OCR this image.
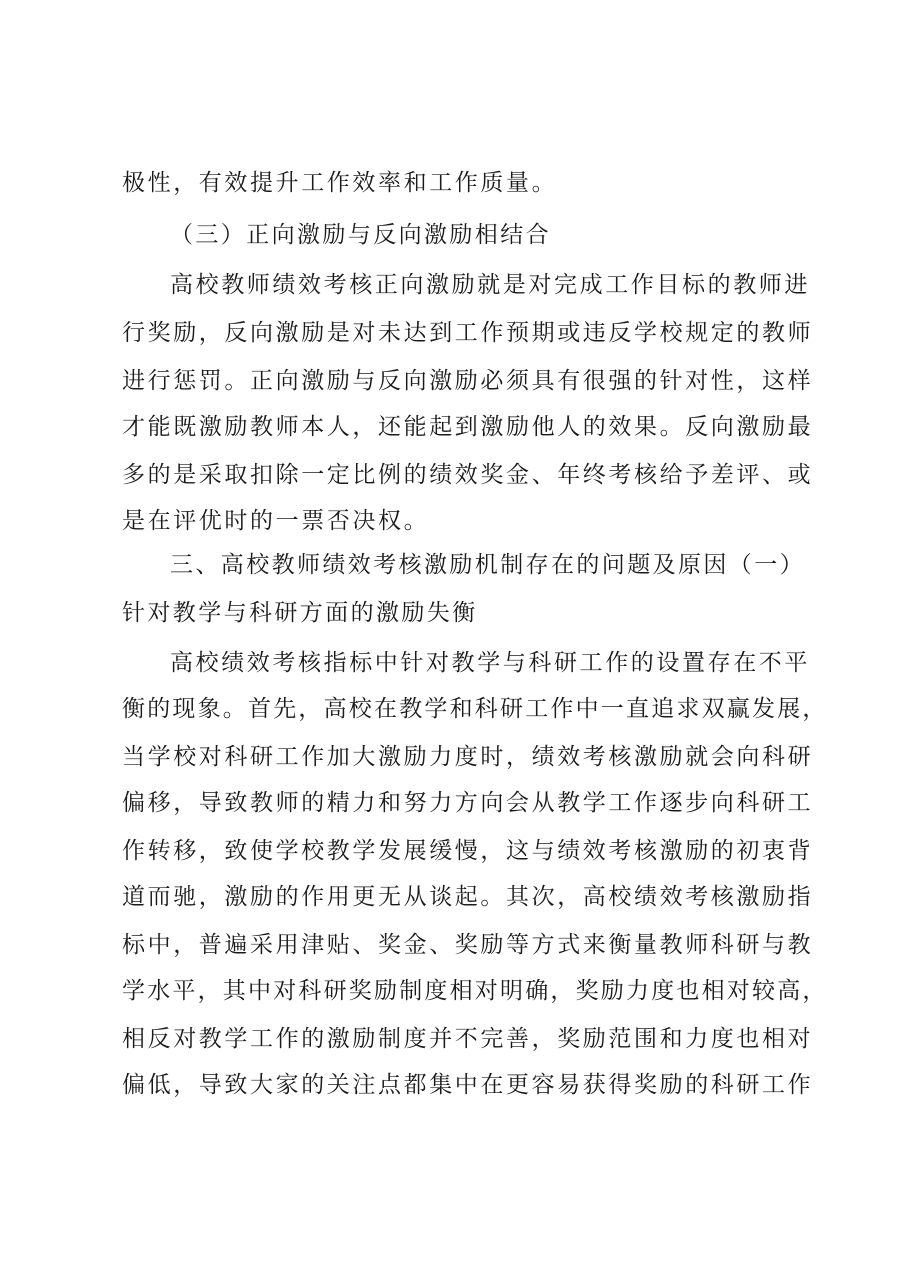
极性，有效提升工作效率和工作质量。
（三）正向激励与反向激励相结合
高校教师绩效考核正向激励就是对完成工作目标的教师进
行奖励，反向激励是对未达到工作预期或违反学校规定的教师
进行惩罚。正向激励与反向激励必须具有很强的针对性，这样
才能既激励教师本人，还能起到激励他人的效果。反向激励最
多的是采取扣除一定比例的绩效奖金、年终考核给予差评、或
是在评优时的一票否决权。
三、高校教师绩效考核激励机制存在的问题及原因（一）
针对教学与科研方面的激励失衡
高校绩效考核指标中针对教学与科研工作的设置存在不平
衡的现象。首先，高校在教学和科研工作中一直追求双赢发展，
当学校对科研工作加大激励力度时，绩效考核激励就会向科研
偏移，导致教师的精力和努力方向会从教学工作逐步向科研工
作转移，致使学校教学发展缓慢，这与绩效考核激励的初衷背
道而驰，激励的作用更无从谈起。其次，高校绩效考核激励指
标中，普遍采用津贴、奖金、奖励等方式来衡量教师科研与教
学水平，其中对科研奖励制度相对明确，奖励力度也相对较高，
相反对教学工作的激励制度并不完善，奖励范围和力度也相对
偏低，导致大家的关注点都集中在更容易获得奖励的科研工作
